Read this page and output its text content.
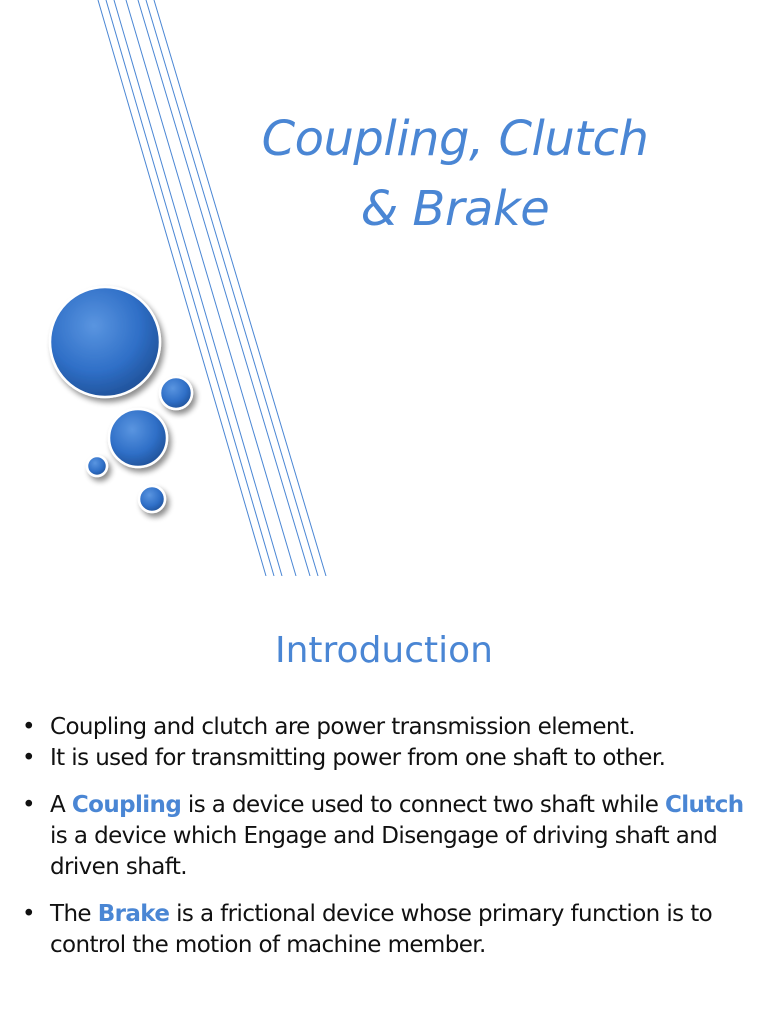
Coupling, Clutch
& Brake
Introduction
• Coupling and clutch are power transmission element.
• It is used for transmitting power from one shaft to other.
• A Coupling is a device used to connect two shaft while Clutch is a device which Engage and Disengage of driving shaft and driven shaft.
• The Brake is a frictional device whose primary function is to control the motion of machine member.
